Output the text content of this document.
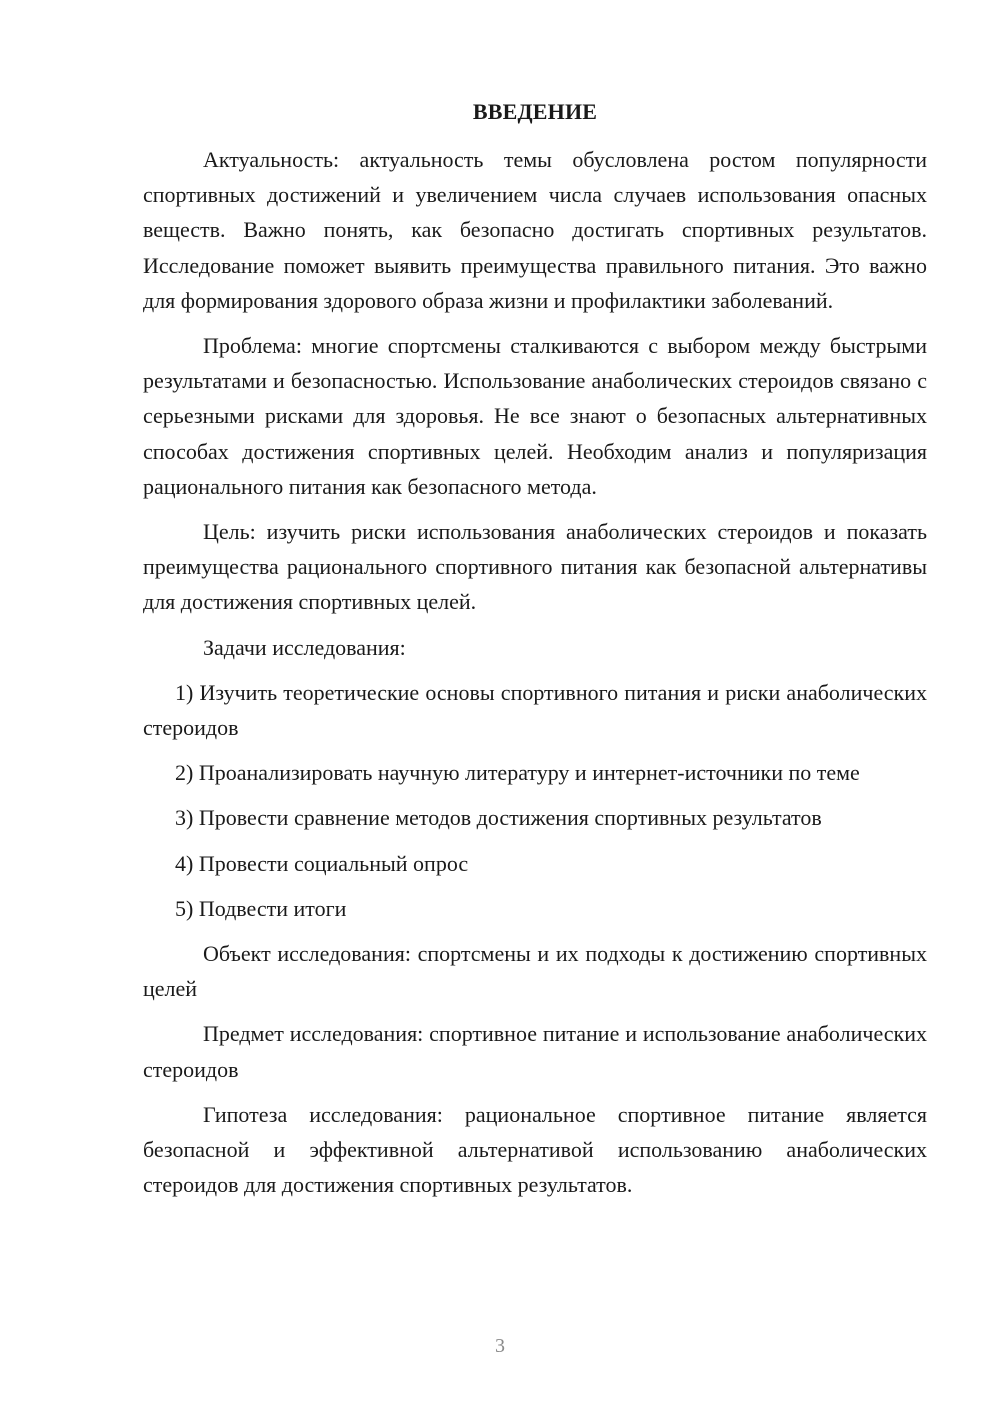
ВВЕДЕНИЕ

Актуальность: актуальность темы обусловлена ростом популярности спортивных достижений и увеличением числа случаев использования опасных веществ. Важно понять, как безопасно достигать спортивных результатов. Исследование поможет выявить преимущества правильного питания. Это важно для формирования здорового образа жизни и профилактики заболеваний.

Проблема: многие спортсмены сталкиваются с выбором между быстрыми результатами и безопасностью. Использование анаболических стероидов связано с серьезными рисками для здоровья. Не все знают о безопасных альтернативных способах достижения спортивных целей. Необходим анализ и популяризация рационального питания как безопасного метода.

Цель: изучить риски использования анаболических стероидов и показать преимущества рационального спортивного питания как безопасной альтернативы для достижения спортивных целей.

Задачи исследования:

1) Изучить теоретические основы спортивного питания и риски анаболических стероидов

2) Проанализировать научную литературу и интернет-источники по теме

3) Провести сравнение методов достижения спортивных результатов

4) Провести социальный опрос

5) Подвести итоги

Объект исследования: спортсмены и их подходы к достижению спортивных целей

Предмет исследования: спортивное питание и использование анаболических стероидов

Гипотеза исследования: рациональное спортивное питание является безопасной и эффективной альтернативой использованию анаболических стероидов для достижения спортивных результатов.

3
